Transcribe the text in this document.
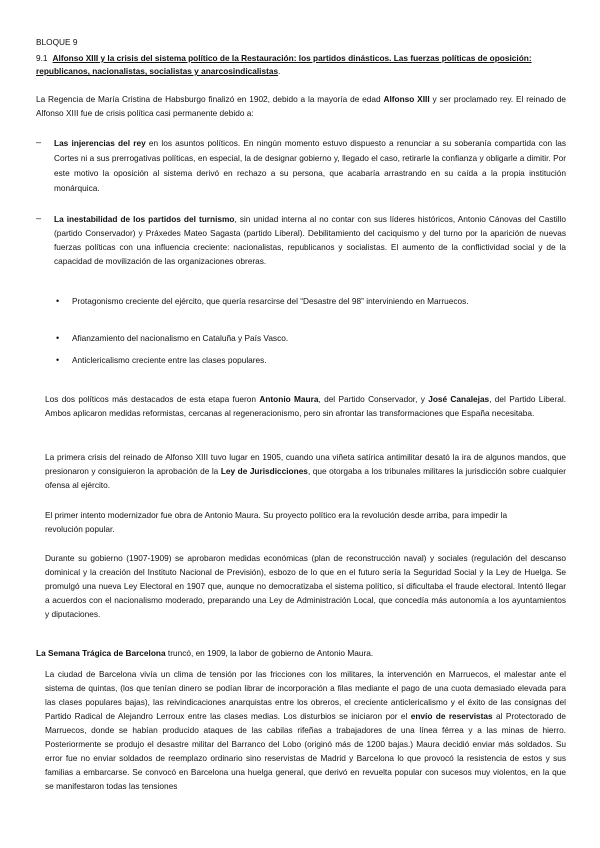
BLOQUE 9
9.1 Alfonso XIII y la crisis del sistema político de la Restauración: los partidos dinásticos. Las fuerzas políticas de oposición: republicanos, nacionalistas, socialistas y anarcosindicalistas.
La Regencia de María Cristina de Habsburgo finalizó en 1902, debido a la mayoría de edad Alfonso XIII y ser proclamado rey. El reinado de Alfonso XIII fue de crisis política casi permanente debido a:
– Las injerencias del rey en los asuntos políticos. En ningún momento estuvo dispuesto a renunciar a su soberanía compartida con las Cortes ni a sus prerrogativas políticas, en especial, la de designar gobierno y, llegado el caso, retirarle la confianza y obligarle a dimitir. Por este motivo la oposición al sistema derivó en rechazo a su persona, que acabaría arrastrando en su caída a la propia institución monárquica.
– La inestabilidad de los partidos del turnismo, sin unidad interna al no contar con sus líderes históricos, Antonio Cánovas del Castillo (partido Conservador) y Práxedes Mateo Sagasta (partido Liberal). Debilitamiento del caciquismo y del turno por la aparición de nuevas fuerzas políticas con una influencia creciente: nacionalistas, republicanos y socialistas. El aumento de la conflictividad social y de la capacidad de movilización de las organizaciones obreras.
• Protagonismo creciente del ejército, que quería resarcirse del “Desastre del 98” interviniendo en Marruecos.
• Afianzamiento del nacionalismo en Cataluña y País Vasco.
• Anticlericalismo creciente entre las clases populares.
Los dos políticos más destacados de esta etapa fueron Antonio Maura, del Partido Conservador, y José Canalejas, del Partido Liberal. Ambos aplicaron medidas reformistas, cercanas al regeneracionismo, pero sin afrontar las transformaciones que España necesitaba.
La primera crisis del reinado de Alfonso XIII tuvo lugar en 1905, cuando una viñeta satírica antimilitar desató la ira de algunos mandos, que presionaron y consiguieron la aprobación de la Ley de Jurisdicciones, que otorgaba a los tribunales militares la jurisdicción sobre cualquier ofensa al ejército.
El primer intento modernizador fue obra de Antonio Maura. Su proyecto político era la revolución desde arriba, para impedir la revolución popular.
Durante su gobierno (1907-1909) se aprobaron medidas económicas (plan de reconstrucción naval) y sociales (regulación del descanso dominical y la creación del Instituto Nacional de Previsión), esbozo de lo que en el futuro sería la Seguridad Social y la Ley de Huelga. Se promulgó una nueva Ley Electoral en 1907 que, aunque no democratizaba el sistema político, sí dificultaba el fraude electoral. Intentó llegar a acuerdos con el nacionalismo moderado, preparando una Ley de Administración Local, que concedía más autonomía a los ayuntamientos y diputaciones.
La Semana Trágica de Barcelona truncó, en 1909, la labor de gobierno de Antonio Maura.
La ciudad de Barcelona vivía un clima de tensión por las fricciones con los militares, la intervención en Marruecos, el malestar ante el sistema de quintas, (los que tenían dinero se podían librar de incorporación a filas mediante el pago de una cuota demasiado elevada para las clases populares bajas), las reivindicaciones anarquistas entre los obreros, el creciente anticlericalismo y el éxito de las consignas del Partido Radical de Alejandro Lerroux entre las clases medias. Los disturbios se iniciaron por el envío de reservistas al Protectorado de Marruecos, donde se habían producido ataques de las cabilas rifeñas a trabajadores de una línea férrea y a las minas de hierro. Posteriormente se produjo el desastre militar del Barranco del Lobo (originó más de 1200 bajas.) Maura decidió enviar más soldados. Su error fue no enviar soldados de reemplazo ordinario sino reservistas de Madrid y Barcelona lo que provocó la resistencia de estos y sus familias a embarcarse. Se convocó en Barcelona una huelga general, que derivó en revuelta popular con sucesos muy violentos, en la que se manifestaron todas las tensiones
